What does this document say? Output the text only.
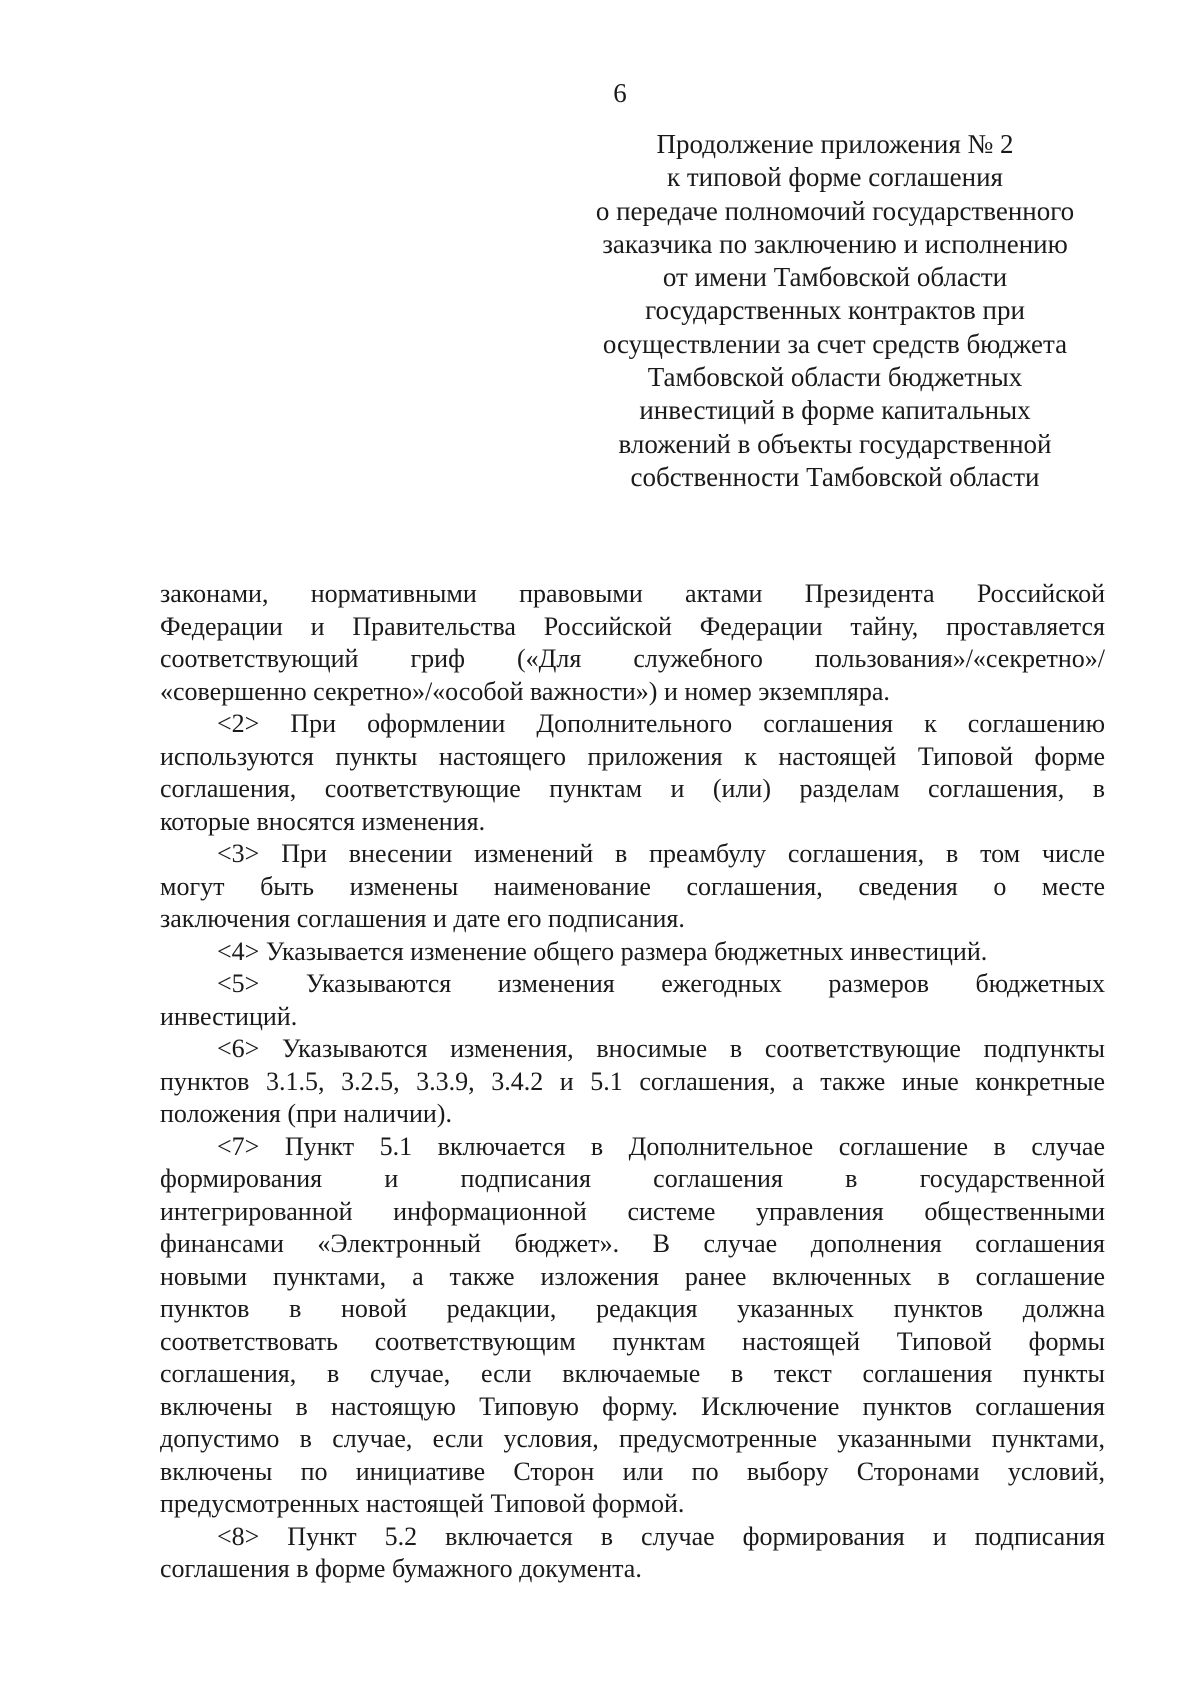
6
Продолжение приложения № 2
к типовой форме соглашения
о передаче полномочий государственного
заказчика по заключению и исполнению
от имени Тамбовской области
государственных контрактов при
осуществлении за счет средств бюджета
Тамбовской области бюджетных
инвестиций в форме капитальных
вложений в объекты государственной
собственности Тамбовской области
законами, нормативными правовыми актами Президента Российской
Федерации и Правительства Российской Федерации тайну, проставляется
соответствующий гриф («Для служебного пользования»/«секретно»/
«совершенно секретно»/«особой важности») и номер экземпляра.
<2> При оформлении Дополнительного соглашения к соглашению
используются пункты настоящего приложения к настоящей Типовой форме
соглашения, соответствующие пунктам и (или) разделам соглашения, в
которые вносятся изменения.
<3> При внесении изменений в преамбулу соглашения, в том числе
могут быть изменены наименование соглашения, сведения о месте
заключения соглашения и дате его подписания.
<4> Указывается изменение общего размера бюджетных инвестиций.
<5> Указываются изменения ежегодных размеров бюджетных
инвестиций.
<6> Указываются изменения, вносимые в соответствующие подпункты
пунктов 3.1.5, 3.2.5, 3.3.9, 3.4.2 и 5.1 соглашения, а также иные конкретные
положения (при наличии).
<7> Пункт 5.1 включается в Дополнительное соглашение в случае
формирования и подписания соглашения в государственной
интегрированной информационной системе управления общественными
финансами «Электронный бюджет». В случае дополнения соглашения
новыми пунктами, а также изложения ранее включенных в соглашение
пунктов в новой редакции, редакция указанных пунктов должна
соответствовать соответствующим пунктам настоящей Типовой формы
соглашения, в случае, если включаемые в текст соглашения пункты
включены в настоящую Типовую форму. Исключение пунктов соглашения
допустимо в случае, если условия, предусмотренные указанными пунктами,
включены по инициативе Сторон или по выбору Сторонами условий,
предусмотренных настоящей Типовой формой.
<8> Пункт 5.2 включается в случае формирования и подписания
соглашения в форме бумажного документа.
